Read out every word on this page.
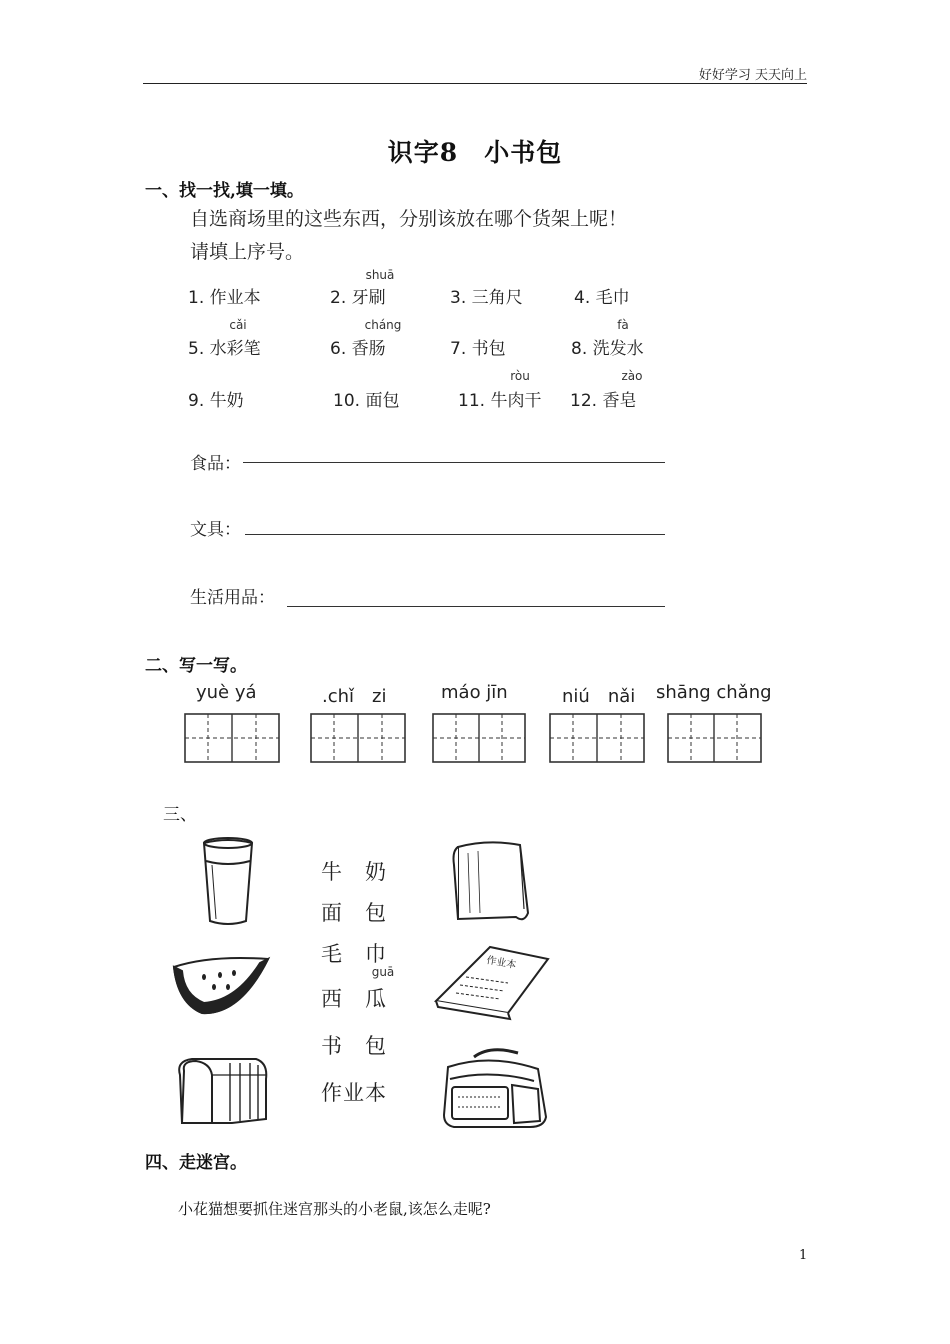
好好学习 天天向上
识字8　小书包
一、找一找,填一填。
自选商场里的这些东西，分别该放在哪个货架上呢！
请填上序号。
1. 作业本
shuā
2. 牙刷	3. 三角尺	4. 毛巾
cǎi
5. 水彩笔
cháng
6. 香肠	7. 书包
fà
8. 洗发水
9. 牛奶	10. 面包
ròu
11. 牛肉干
zào
12. 香皂
食品：
文具：
生活用品：
二、写一写。
yuè yá	.chǐ　zi	máo jīn	niú　nǎi shāng chǎng
三、
牛　奶
面　包
毛　巾
guā
西　瓜
书　包
作业本
作业本
四、走迷宫。
小花猫想要抓住迷宫那头的小老鼠,该怎么走呢?
1
